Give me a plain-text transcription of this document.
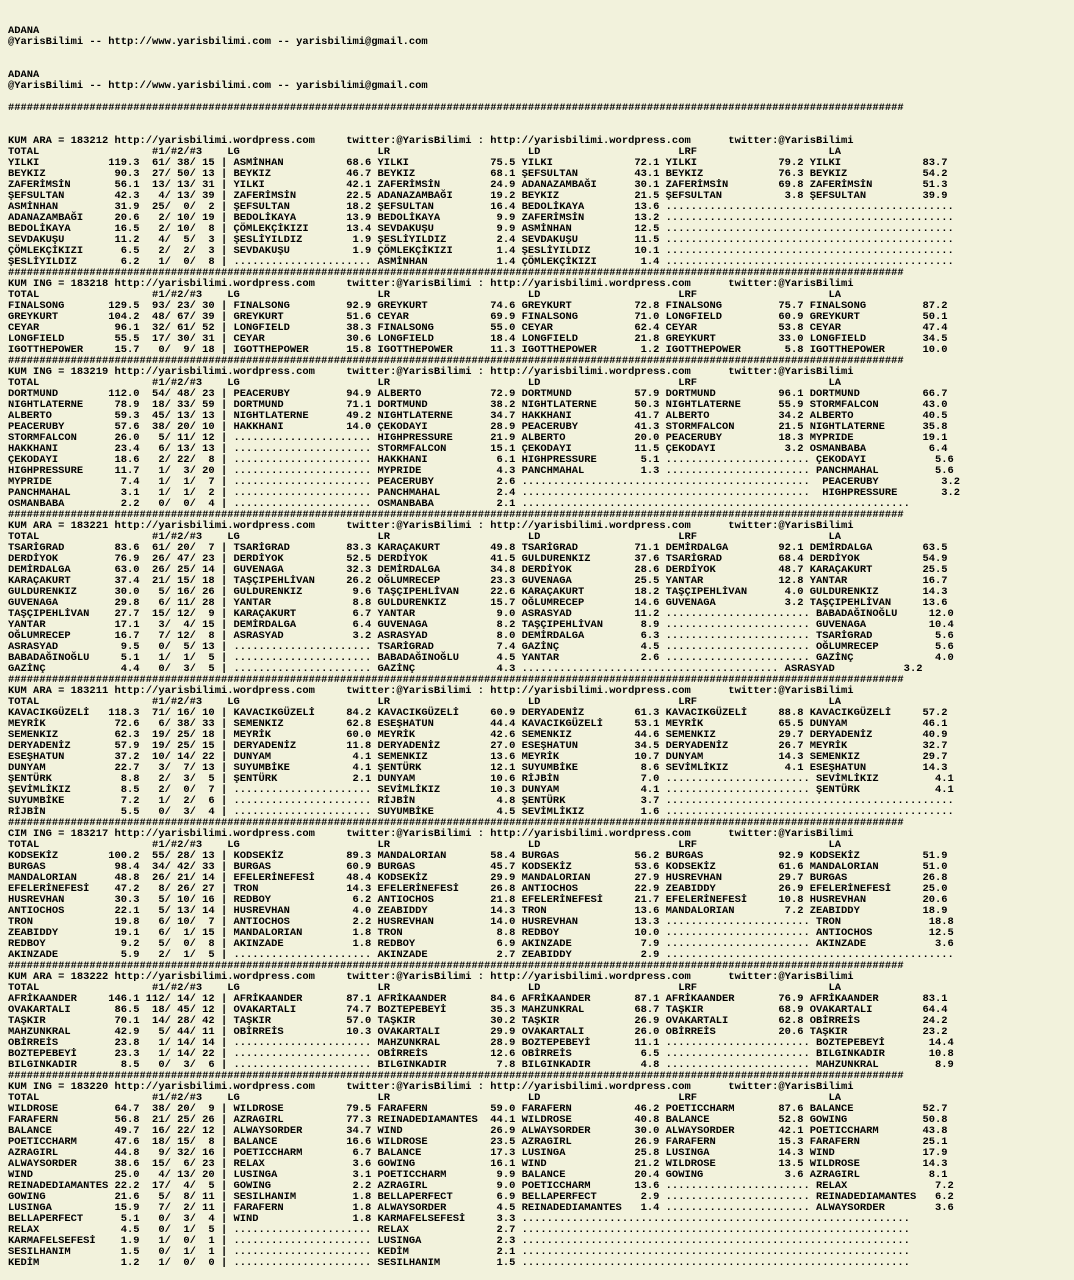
ADANA
@YarisBilimi -- http://www.yarisbilimi.com -- yarisbilimi@gmail.com
ADANA
@YarisBilimi -- http://www.yarisbilimi.com -- yarisbilimi@gmail.com
###############################################################################################################################################

KUM ARA = 183212 http://yarisbilimi.wordpress.com     twitter:@YarisBilimi : http://yarisbilimi.wordpress.com      twitter:@YarisBilimi
TOTAL                  #1/#2/#3    LG                      LR                      LD                      LRF                     LA
YILKI           119.3  61/ 38/ 15 | ASMİNHAN          68.6 YILKI             75.5 YILKI             72.1 YILKI             79.2 YILKI             83.7
BEYKIZ           90.3  27/ 50/ 13 | BEYKIZ            46.7 BEYKIZ            68.1 ŞEFSULTAN         43.1 BEYKIZ            76.3 BEYKIZ            54.2
ZAFERİMSİN       56.1  13/ 13/ 31 | YILKI             42.1 ZAFERİMSİN        24.9 ADANAZAMBAĞI      30.1 ZAFERİMSİN        69.8 ZAFERİMSİN        51.3
ŞEFSULTAN        42.3   4/ 13/ 39 | ZAFERİMSİN        22.5 ADANAZAMBAĞI      19.2 BEYKIZ            21.5 ŞEFSULTAN          3.8 ŞEFSULTAN         39.9
ASMİNHAN         31.9  25/  0/  2 | ŞEFSULTAN         18.2 ŞEFSULTAN         16.4 BEDOLİKAYA        13.6 ..............................................
ADANAZAMBAĞI     20.6   2/ 10/ 19 | BEDOLİKAYA        13.9 BEDOLİKAYA         9.9 ZAFERİMSİN        13.2 ..............................................
BEDOLİKAYA       16.5   2/ 10/  8 | ÇÖMLEKÇİKIZI      13.4 SEVDAKUŞU          9.9 ASMİNHAN          12.5 ..............................................
SEVDAKUŞU        11.2   4/  5/  3 | ŞESLİYILDIZ        1.9 ŞESLİYILDIZ        2.4 SEVDAKUŞU         11.5 ..............................................
ÇÖMLEKÇİKIZI      6.5   2/  2/  3 | SEVDAKUŞU          1.9 ÇÖMLEKÇİKIZI       1.4 ŞESLİYILDIZ       10.1 ..............................................
ŞESLİYILDIZ       6.2   1/  0/  8 | ...................... ASMİNHAN           1.4 ÇÖMLEKÇİKIZI       1.4 ..............................................
###############################################################################################################################################
KUM ING = 183218 http://yarisbilimi.wordpress.com     twitter:@YarisBilimi : http://yarisbilimi.wordpress.com      twitter:@YarisBilimi
TOTAL                  #1/#2/#3    LG                      LR                      LD                      LRF                     LA
FINALSONG       129.5  93/ 23/ 30 | FINALSONG         92.9 GREYKURT          74.6 GREYKURT          72.8 FINALSONG         75.7 FINALSONG         87.2
GREYKURT        104.2  48/ 67/ 39 | GREYKURT          51.6 CEYAR             69.9 FINALSONG         71.0 LONGFIELD         60.9 GREYKURT          50.1
CEYAR            96.1  32/ 61/ 52 | LONGFIELD         38.3 FINALSONG         55.0 CEYAR             62.4 CEYAR             53.8 CEYAR             47.4
LONGFIELD        55.5  17/ 30/ 31 | CEYAR             30.6 LONGFIELD         18.4 LONGFIELD         21.8 GREYKURT          33.0 LONGFIELD         34.5
IGOTTHEPOWER     15.7   0/  9/ 18 | IGOTTHEPOWER      15.8 IGOTTHEPOWER      11.3 IGOTTHEPOWER       1.2 IGOTTHEPOWER       5.8 IGOTTHEPOWER      10.0
###############################################################################################################################################
KUM ING = 183219 http://yarisbilimi.wordpress.com     twitter:@YarisBilimi : http://yarisbilimi.wordpress.com      twitter:@YarisBilimi
TOTAL                  #1/#2/#3    LG                      LR                      LD                      LRF                     LA
DORTMUND        112.0  54/ 48/ 23 | PEACERUBY         94.9 ALBERTO           72.9 DORTMUND          57.9 DORTMUND          96.1 DORTMUND          66.7
NIGHTLATERNE     78.9  18/ 33/ 59 | DORTMUND          71.1 DORTMUND          38.2 NIGHTLATERNE      50.3 NIGHTLATERNE      55.9 STORMFALCON       43.0
ALBERTO          59.3  45/ 13/ 13 | NIGHTLATERNE      49.2 NIGHTLATERNE      34.7 HAKKHANI          41.7 ALBERTO           34.2 ALBERTO           40.5
PEACERUBY        57.6  38/ 20/ 10 | HAKKHANI          14.0 ÇEKODAYI          28.9 PEACERUBY         41.3 STORMFALCON       21.5 NIGHTLATERNE      35.8
STORMFALCON      26.0   5/ 11/ 12 | ...................... HIGHPRESSURE      21.9 ALBERTO           20.0 PEACERUBY         18.3 MYPRIDE           19.1
HAKKHANI         23.4   6/ 13/ 13 | ...................... STORMFALCON       15.1 ÇEKODAYI          11.5 ÇEKODAYI           3.2 OSMANBABA          6.4
ÇEKODAYI         18.6   2/ 22/  8 | ...................... HAKKHANI           6.1 HIGHPRESSURE       5.1 ....................... ÇEKODAYI           5.6
HIGHPRESSURE     11.7   1/  3/ 20 | ...................... MYPRIDE            4.3 PANCHMAHAL         1.3 ....................... PANCHMAHAL         5.6
MYPRIDE           7.4   1/  1/  7 | ...................... PEACERUBY          2.6 ..............................................  PEACERUBY          3.2
PANCHMAHAL        3.1   1/  1/  2 | ...................... PANCHMAHAL         2.4 ..............................................  HIGHPRESSURE       3.2
OSMANBABA         2.2   0/  0/  4 | ...................... OSMANBABA          2.1 ..............................................................
###############################################################################################################################################
KUM ARA = 183221 http://yarisbilimi.wordpress.com     twitter:@YarisBilimi : http://yarisbilimi.wordpress.com      twitter:@YarisBilimi
TOTAL                  #1/#2/#3    LG                      LR                      LD                      LRF                     LA
TSARİGRAD        83.6  61/ 20/  7 | TSARİGRAD         83.3 KARAÇAKURT        49.8 TSARİGRAD         71.1 DEMİRDALGA        92.1 DEMİRDALGA        63.5
DERDİYOK         76.9  26/ 47/ 23 | DERDİYOK          52.5 DERDİYOK          41.5 GULDURENKIZ       37.6 TSARİGRAD         68.4 DERDİYOK          54.9
DEMİRDALGA       63.0  26/ 25/ 14 | GUVENAGA          32.3 DEMİRDALGA        34.8 DERDİYOK          28.6 DERDİYOK          48.7 KARAÇAKURT        25.5
KARAÇAKURT       37.4  21/ 15/ 18 | TAŞÇIPEHLİVAN     26.2 OĞLUMRECEP        23.3 GUVENAGA          25.5 YANTAR            12.8 YANTAR            16.7
GULDURENKIZ      30.0   5/ 16/ 26 | GULDURENKIZ        9.6 TAŞÇIPEHLİVAN     22.6 KARAÇAKURT        18.2 TAŞÇIPEHLİVAN      4.0 GULDURENKIZ       14.3
GUVENAGA         29.8   6/ 11/ 28 | YANTAR             8.8 GULDURENKIZ       15.7 OĞLUMRECEP        14.6 GUVENAGA           3.2 TAŞÇIPEHLİVAN     13.6
TAŞÇIPEHLİVAN    27.7  15/ 12/  9 | KARAÇAKURT         6.7 YANTAR             9.0 ASRASYAD          11.2 ....................... BABADAĞINOĞLU     12.0
YANTAR           17.1   3/  4/ 15 | DEMİRDALGA         6.4 GUVENAGA           8.2 TAŞÇIPEHLİVAN      8.9 ....................... GUVENAGA          10.4
OĞLUMRECEP       16.7   7/ 12/  8 | ASRASYAD           3.2 ASRASYAD           8.0 DEMİRDALGA         6.3 ....................... TSARİGRAD          5.6
ASRASYAD          9.5   0/  5/ 13 | ...................... TSARİGRAD          7.4 GAZİNÇ             4.5 ....................... OĞLUMRECEP         5.6
BABADAĞINOĞLU     5.1   1/  1/  5 | ...................... BABADAĞINOĞLU      4.5 YANTAR             2.6 ....................... GAZİNÇ             4.0
GAZİNÇ            4.4   0/  3/  5 | ...................... GAZİNÇ             4.3 ......................................... ASRASYAD           3.2
###############################################################################################################################################
KUM ARA = 183211 http://yarisbilimi.wordpress.com     twitter:@YarisBilimi : http://yarisbilimi.wordpress.com      twitter:@YarisBilimi
TOTAL                  #1/#2/#3    LG                      LR                      LD                      LRF                     LA
KAVACIKGÜZELİ   118.3  71/ 16/ 10 | KAVACIKGÜZELİ     84.2 KAVACIKGÜZELİ     60.9 DERYADENİZ        61.3 KAVACIKGÜZELİ     88.8 KAVACIKGÜZELİ     57.2
MEYRİK           72.6   6/ 38/ 33 | SEMENKIZ          62.8 ESEŞHATUN         44.4 KAVACIKGÜZELİ     53.1 MEYRİK            65.5 DUNYAM            46.1
SEMENKIZ         62.3  19/ 25/ 18 | MEYRİK            60.0 MEYRİK            42.6 SEMENKIZ          44.6 SEMENKIZ          29.7 DERYADENİZ        40.9
DERYADENİZ       57.9  19/ 25/ 15 | DERYADENİZ        11.8 DERYADENİZ        27.0 ESEŞHATUN         34.5 DERYADENİZ        26.7 MEYRİK            32.7
ESEŞHATUN        37.2  10/ 14/ 22 | DUNYAM             4.1 SEMENKIZ          13.6 MEYRİK            10.7 DUNYAM            14.3 SEMENKIZ          29.7
DUNYAM           22.7   3/  7/ 13 | SUYUMBİKE          4.1 ŞENTÜRK           12.1 SUYUMBİKE          8.6 SEVİMLİKIZ         4.1 ESEŞHATUN         14.3
ŞENTÜRK           8.8   2/  3/  5 | ŞENTÜRK            2.1 DUNYAM            10.6 RİJBİN             7.0 ....................... SEVİMLİKIZ         4.1
ŞEVİMLİKIZ        8.5   2/  0/  7 | ...................... SEVİMLİKIZ        10.3 DUNYAM             4.1 ....................... ŞENTÜRK            4.1
SUYUMBİKE         7.2   1/  2/  6 | ...................... RİJBİN             4.8 ŞENTÜRK            3.7 ..............................................
RİJBİN            5.5   0/  3/  4 | ...................... SUYUMBİKE          4.5 SEVİMLİKIZ         1.6 ..............................................
###############################################################################################################################################
CIM ING = 183217 http://yarisbilimi.wordpress.com     twitter:@YarisBilimi : http://yarisbilimi.wordpress.com      twitter:@YarisBilimi
TOTAL                  #1/#2/#3    LG                      LR                      LD                      LRF                     LA
KODSEKİZ        100.2  55/ 28/ 13 | KODSEKİZ          89.3 MANDALORIAN       58.4 BURGAS            56.2 BURGAS            92.9 KODSEKİZ          51.9
BURGAS           98.4  34/ 42/ 33 | BURGAS            60.9 BURGAS            45.7 KODSEKİZ          53.6 KODSEKİZ          61.6 MANDALORIAN       51.0
MANDALORIAN      48.8  26/ 21/ 14 | EFELERİNEFESİ     48.4 KODSEKİZ          29.9 MANDALORIAN       27.9 HUSREVHAN         29.7 BURGAS            26.8
EFELERİNEFESİ    47.2   8/ 26/ 27 | TRON              14.3 EFELERİNEFESİ     26.8 ANTIOCHOS         22.9 ZEABIDDY          26.9 EFELERİNEFESİ     25.0
HUSREVHAN        30.3   5/ 10/ 16 | REDBOY             6.2 ANTIOCHOS         21.8 EFELERİNEFESİ     21.7 EFELERİNEFESİ     10.8 HUSREVHAN         20.6
ANTIOCHOS        22.1   5/ 13/ 14 | HUSREVHAN          4.0 ZEABIDDY          14.3 TRON              13.6 MANDALORIAN        7.2 ZEABIDDY          18.9
TRON             19.8   6/ 10/  7 | ANTIOCHOS          2.2 HUSREVHAN         14.0 HUSREVHAN         13.3 ....................... TRON              18.8
ZEABIDDY         19.1   6/  1/ 15 | MANDALORIAN        1.8 TRON               8.8 REDBOY            10.0 ....................... ANTIOCHOS         12.5
REDBOY            9.2   5/  0/  8 | AKINZADE           1.8 REDBOY             6.9 AKINZADE           7.9 ....................... AKINZADE           3.6
AKINZADE          5.9   2/  1/  5 | ...................... AKINZADE           2.7 ZEABIDDY           2.9 ..............................................
###############################################################################################################################################
KUM ARA = 183222 http://yarisbilimi.wordpress.com     twitter:@YarisBilimi : http://yarisbilimi.wordpress.com      twitter:@YarisBilimi
TOTAL                  #1/#2/#3    LG                      LR                      LD                      LRF                     LA
AFRİKAANDER     146.1 112/ 14/ 12 | AFRİKAANDER       87.1 AFRİKAANDER       84.6 AFRİKAANDER       87.1 AFRİKAANDER       76.9 AFRİKAANDER       83.1
OVAKARTALI       86.5  18/ 45/ 12 | OVAKARTALI        74.7 BOZTEPEBEYİ       35.3 MAHZUNKRAL        68.7 TAŞKIR            68.9 OVAKARTALI        64.4
TAŞKIR           70.1  14/ 28/ 42 | TAŞKIR            57.0 TAŞKIR            30.2 TAŞKIR            26.9 OVAKARTALI        62.8 OBİRREİS          24.2
MAHZUNKRAL       42.9   5/ 44/ 11 | OBİRREİS          10.3 OVAKARTALI        29.9 OVAKARTALI        26.0 OBİRREİS          20.6 TAŞKIR            23.2
OBİRREİS         23.8   1/ 14/ 14 | ...................... MAHZUNKRAL        28.9 BOZTEPEBEYİ       11.1 ....................... BOZTEPEBEYİ       14.4
BOZTEPEBEYİ      23.3   1/ 14/ 22 | ...................... OBİRREİS          12.6 OBİRREİS           6.5 ....................... BILGINKADIR       10.8
BILGINKADIR       8.5   0/  3/  6 | ...................... BILGINKADIR        7.8 BILGINKADIR        4.8 ....................... MAHZUNKRAL         8.9
###############################################################################################################################################
KUM ING = 183220 http://yarisbilimi.wordpress.com     twitter:@YarisBilimi : http://yarisbilimi.wordpress.com      twitter:@YarisBilimi
TOTAL                  #1/#2/#3    LG                      LR                      LD                      LRF                     LA
WILDROSE         64.7  38/ 20/  9 | WILDROSE          79.5 FARAFERN          59.0 FARAFERN          46.2 POETICCHARM       87.6 BALANCE           52.7
FARAFERN         56.8  21/ 25/ 26 | AZRAGIRL          77.3 REINADEDIAMANTES  44.1 WILDROSE          40.8 BALANCE           52.8 GOWING            50.8
BALANCE          49.7  16/ 22/ 12 | ALWAYSORDER       34.7 WIND              26.9 ALWAYSORDER       30.0 ALWAYSORDER       42.1 POETICCHARM       43.8
POETICCHARM      47.6  18/ 15/  8 | BALANCE           16.6 WILDROSE          23.5 AZRAGIRL          26.9 FARAFERN          15.3 FARAFERN          25.1
AZRAGIRL         44.8   9/ 32/ 16 | POETICCHARM        6.7 BALANCE           17.3 LUSINGA           25.8 LUSINGA           14.3 WIND              17.9
ALWAYSORDER      38.6  15/  6/ 23 | RELAX              3.6 GOWING            16.1 WIND              21.2 WILDROSE          13.5 WILDROSE          14.3
WIND             25.0   4/ 13/ 20 | LUSINGA            3.1 POETICCHARM        9.9 BALANCE           20.4 GOWING             3.6 AZRAGIRL           8.1
REINADEDIAMANTES 22.2  17/  4/  5 | GOWING             2.2 AZRAGIRL           9.0 POETICCHARM       13.6 ....................... RELAX              7.2
GOWING           21.6   5/  8/ 11 | SESILHANIM         1.8 BELLAPERFECT       6.9 BELLAPERFECT       2.9 ....................... REINADEDIAMANTES   6.2
LUSINGA          15.9   7/  2/ 11 | FARAFERN           1.8 ALWAYSORDER        4.5 REINADEDIAMANTES   1.4 ....................... ALWAYSORDER        3.6
BELLAPERFECT      5.1   0/  3/  4 | WIND               1.8 KARMAFELSEFESİ     3.3 ..............................................................
RELAX             4.5   0/  1/  5 | ...................... RELAX              2.7 ..............................................................
KARMAFELSEFESİ    1.9   1/  0/  1 | ...................... LUSINGA            2.3 ..............................................................
SESILHANIM        1.5   0/  1/  1 | ...................... KEDİM              2.1 ..............................................................
KEDİM             1.2   1/  0/  0 | ...................... SESILHANIM         1.5 ..............................................................
